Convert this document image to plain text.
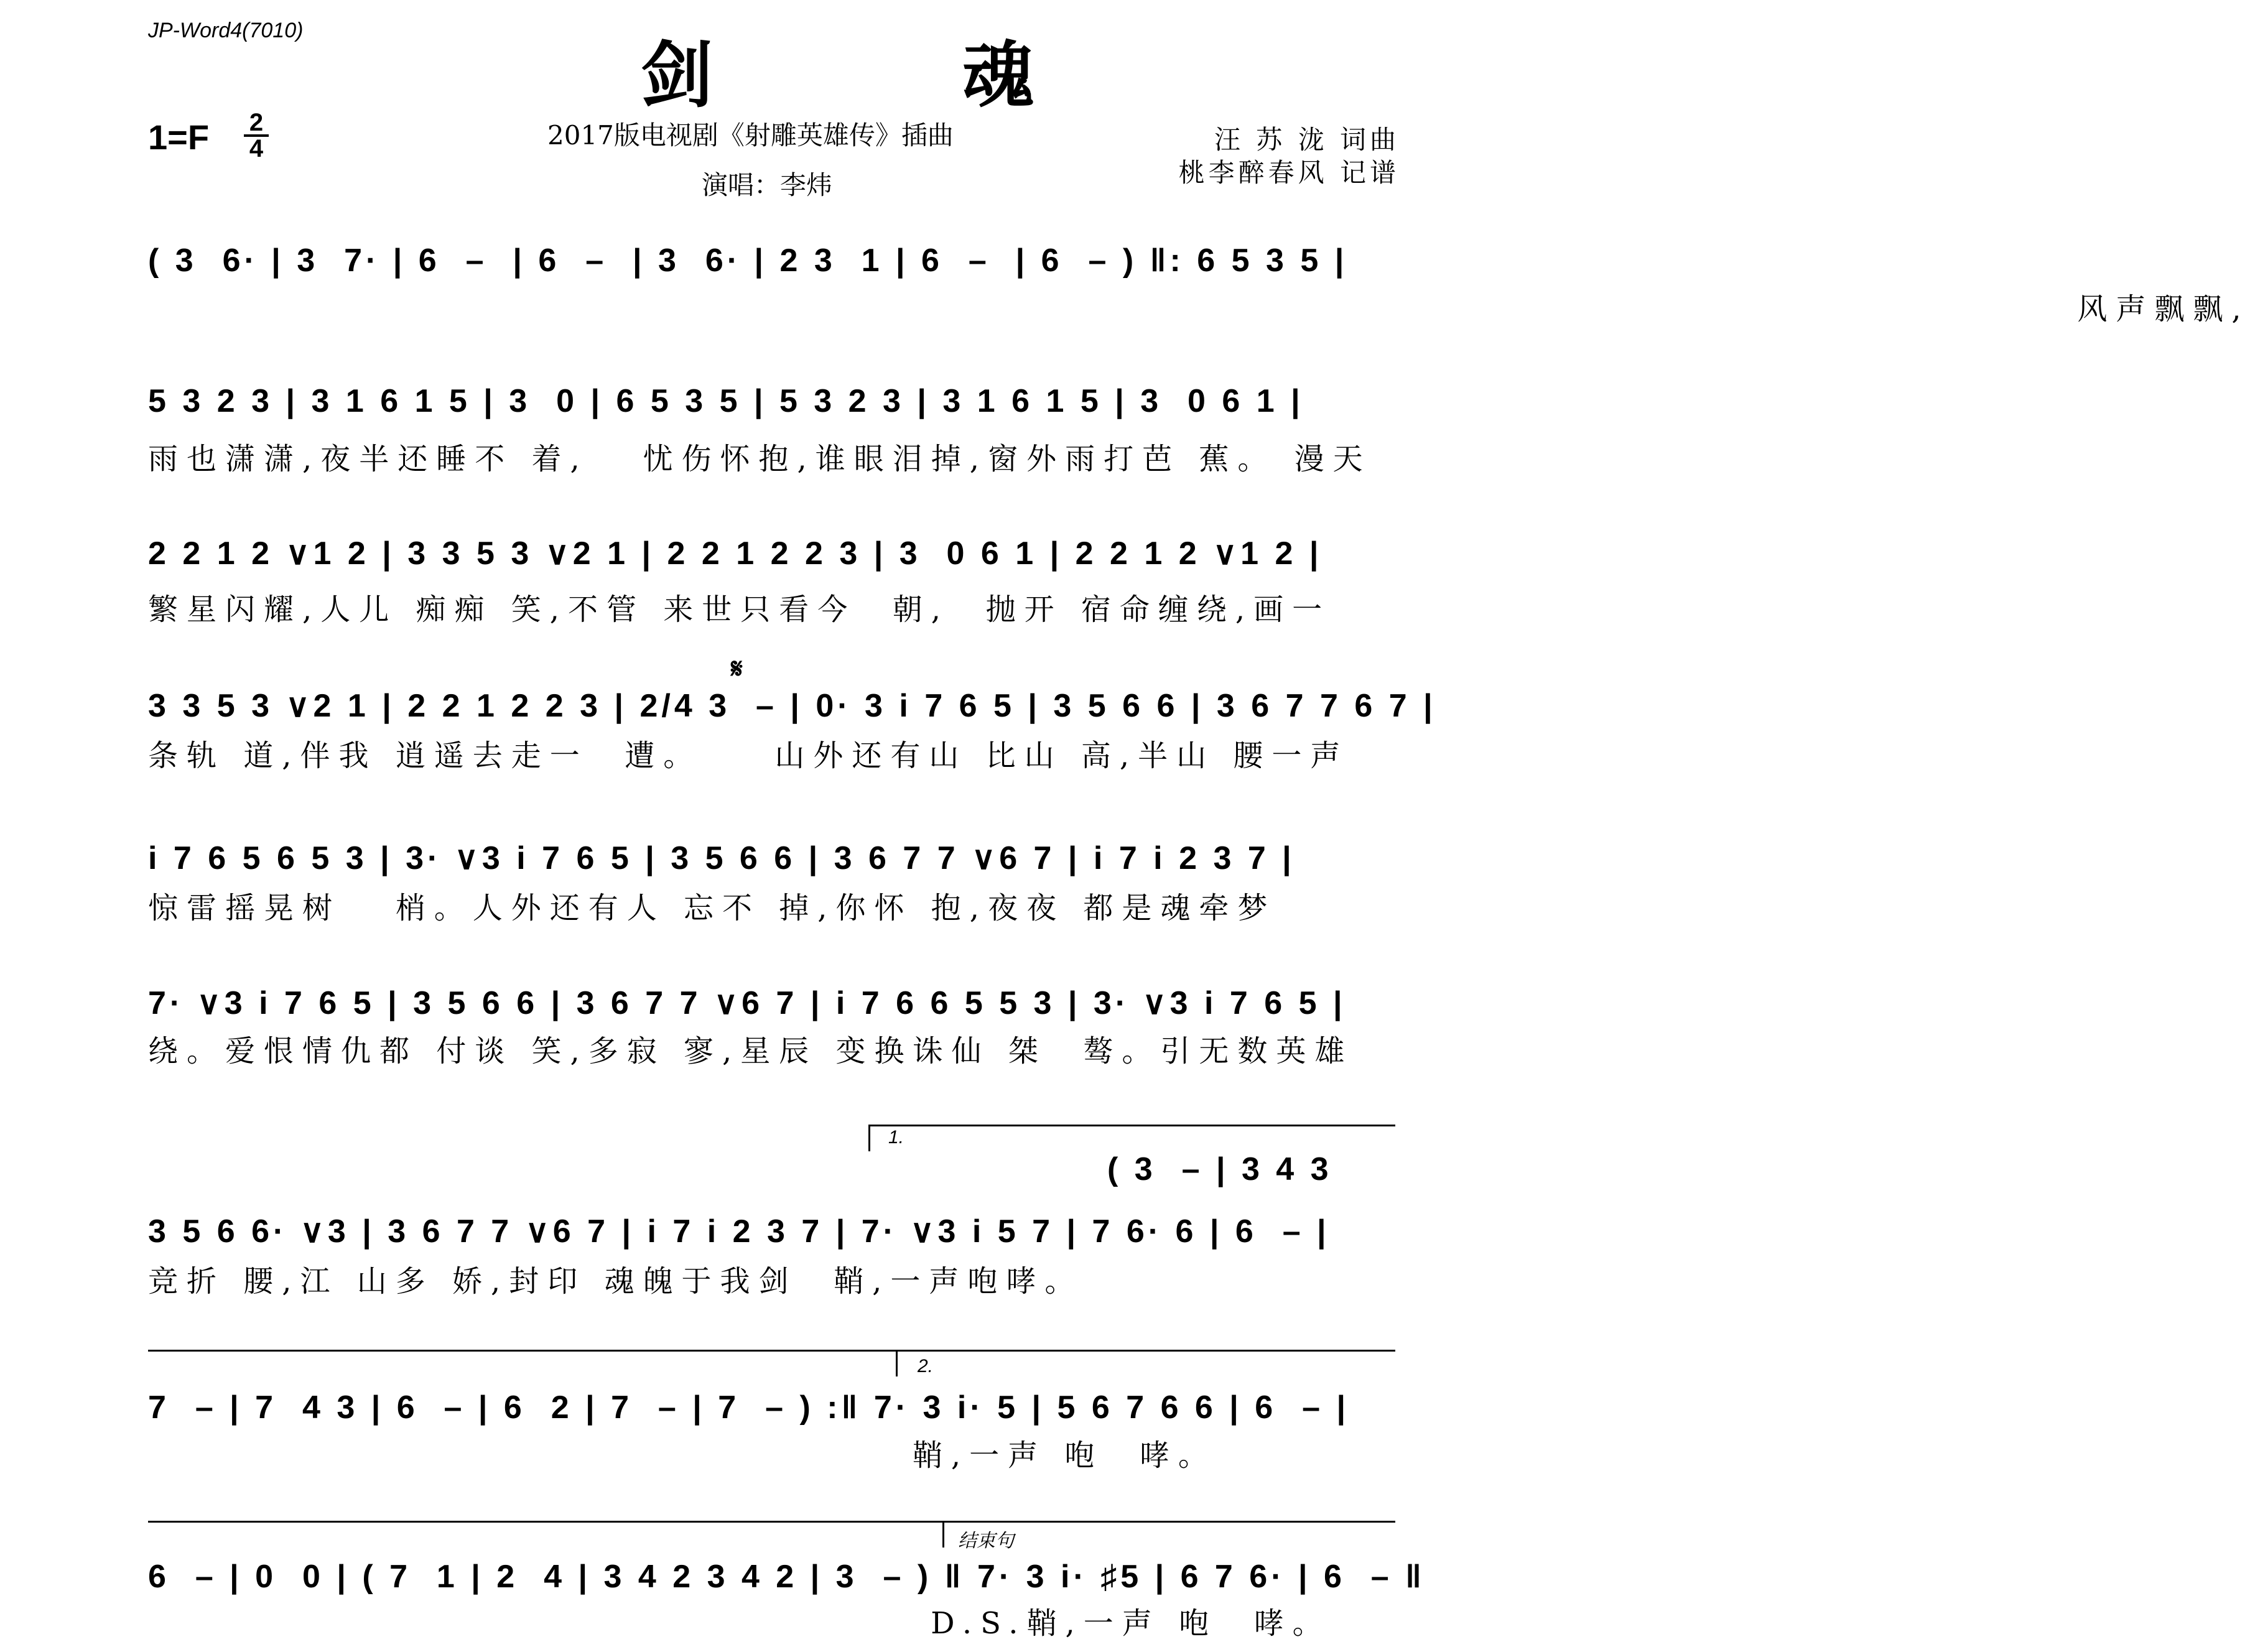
JP-Word4(7010)
剑 魂
$1=F \frac{2}{4}$	2017版电视剧《射雕英雄传》插曲
演唱：李炜
汪 苏 泷 词曲
桃李醉春风 记谱
( 3  6· | 3  7· | 6  –  | 6  –  | 3  6· | 2 3  1 | 6  –  | 6  – ) ‖: 6 5 3 5 |
风声飘飘,
5 3 2 3 | 3 1 6 1 5 | 3  0 | 6 5 3 5 | 5 3 2 3 | 3 1 6 1 5 | 3  0 6 1 |
雨也潇潇,夜半还睡不 着,   忧伤怀抱,谁眼泪掉,窗外雨打芭 蕉。 漫天
2 2 1 2 ∨1 2 | 3 3 5 3 ∨2 1 | 2 2 1 2 2 3 | 3  0 6 1 | 2 2 1 2 ∨1 2 |
繁星闪耀,人儿 痴痴 笑,不管 来世只看今  朝,  抛开 宿命缠绕,画一
𝄋
3 3 5 3 ∨2 1 | 2 2 1 2 2 3 | 2/4 3  – | 0· 3 i 7 6 5 | 3 5 6 6 | 3 6 7 7 6 7 |
条轨 道,伴我 逍遥去走一  遭。    山外还有山 比山 高,半山 腰一声
i 7 6 5 6 5 3 | 3· ∨3 i 7 6 5 | 3 5 6 6 | 3 6 7 7 ∨6 7 | i 7 i 2 3 7 |
惊雷摇晃树   梢。人外还有人 忘不 掉,你怀 抱,夜夜 都是魂牵梦
7· ∨3 i 7 6 5 | 3 5 6 6 | 3 6 7 7 ∨6 7 | i 7 6 6 5 5 3 | 3· ∨3 i 7 6 5 |
绕。爱恨情仇都 付谈 笑,多寂 寥,星辰 变换诛仙 桀  骜。引无数英雄
1.
( 3  – | 3 4 3
3 5 6 6· ∨3 | 3 6 7 7 ∨6 7 | i 7 i 2 3 7 | 7· ∨3 i 5 7 | 7 6· 6 | 6  – |
竞折 腰,江 山多 娇,封印 魂魄于我剑  鞘,一声咆哮。
2.
7  – | 7  4 3 | 6  – | 6  2 | 7  – | 7  – ) :‖ 7· 3 i· 5 | 5 6 7 6 6 | 6  – |
鞘,一声 咆  哮。
结束句
6  – | 0  0 | ( 7  1 | 2  4 | 3 4 2 3 4 2 | 3  – ) ‖ 7· 3 i· ♯5 | 6 7 6· | 6  – ‖
D.S.鞘,一声 咆  哮。
